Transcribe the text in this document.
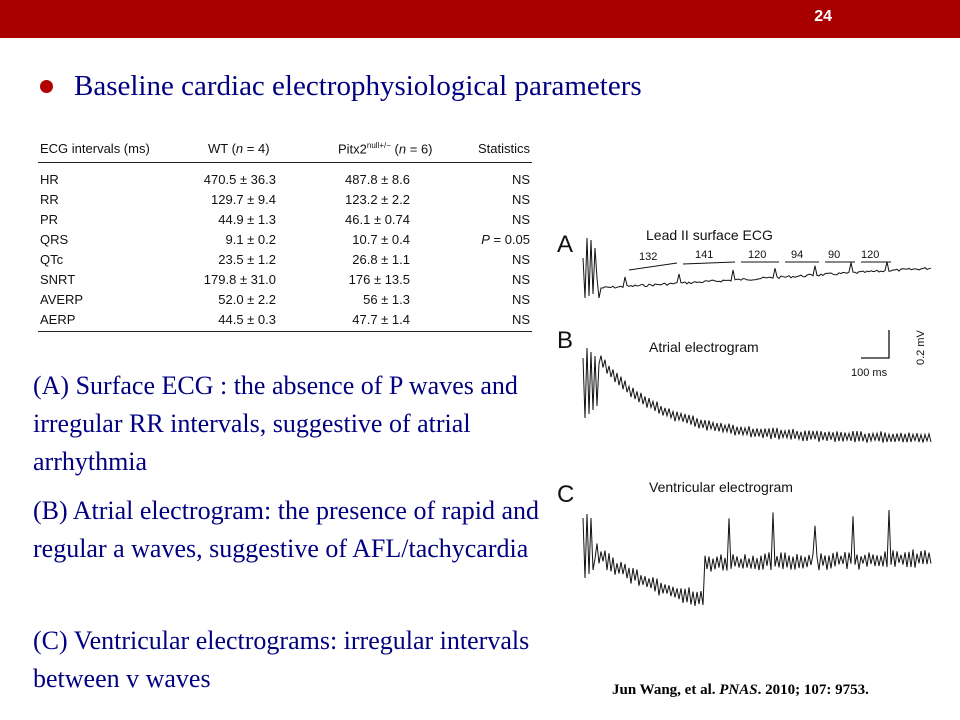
24
Baseline cardiac electrophysiological parameters
ECG intervals (ms)	WT (n = 4)	$Pitx2^{null+/-}$ (n = 6)	Statistics
HR	470.5 ± 36.3	487.8 ± 8.6	NS
RR	129.7 ± 9.4	123.2 ± 2.2	NS
PR	44.9 ± 1.3	46.1 ± 0.74	NS
QRS	9.1 ± 0.2	10.7 ± 0.4	P = 0.05
QTc	23.5 ± 1.2	26.8 ± 1.1	NS
SNRT	179.8 ± 31.0	176 ± 13.5	NS
AVERP	52.0 ± 2.2	56 ± 1.3	NS
AERP	44.5 ± 0.3	47.7 ± 1.4	NS
(A) Surface ECG : the absence of P waves and irregular RR intervals, suggestive of atrial arrhythmia
(B) Atrial electrogram: the presence of rapid and regular a waves, suggestive of AFL/tachycardia
(C) Ventricular electrograms: irregular intervals between v waves
A	Lead II surface ECG
132	141	120 94 90 120
B	Atrial electrogram
100 ms
0.2 mV
C	Ventricular electrogram
Jun Wang, et al. PNAS. 2010; 107: 9753.
